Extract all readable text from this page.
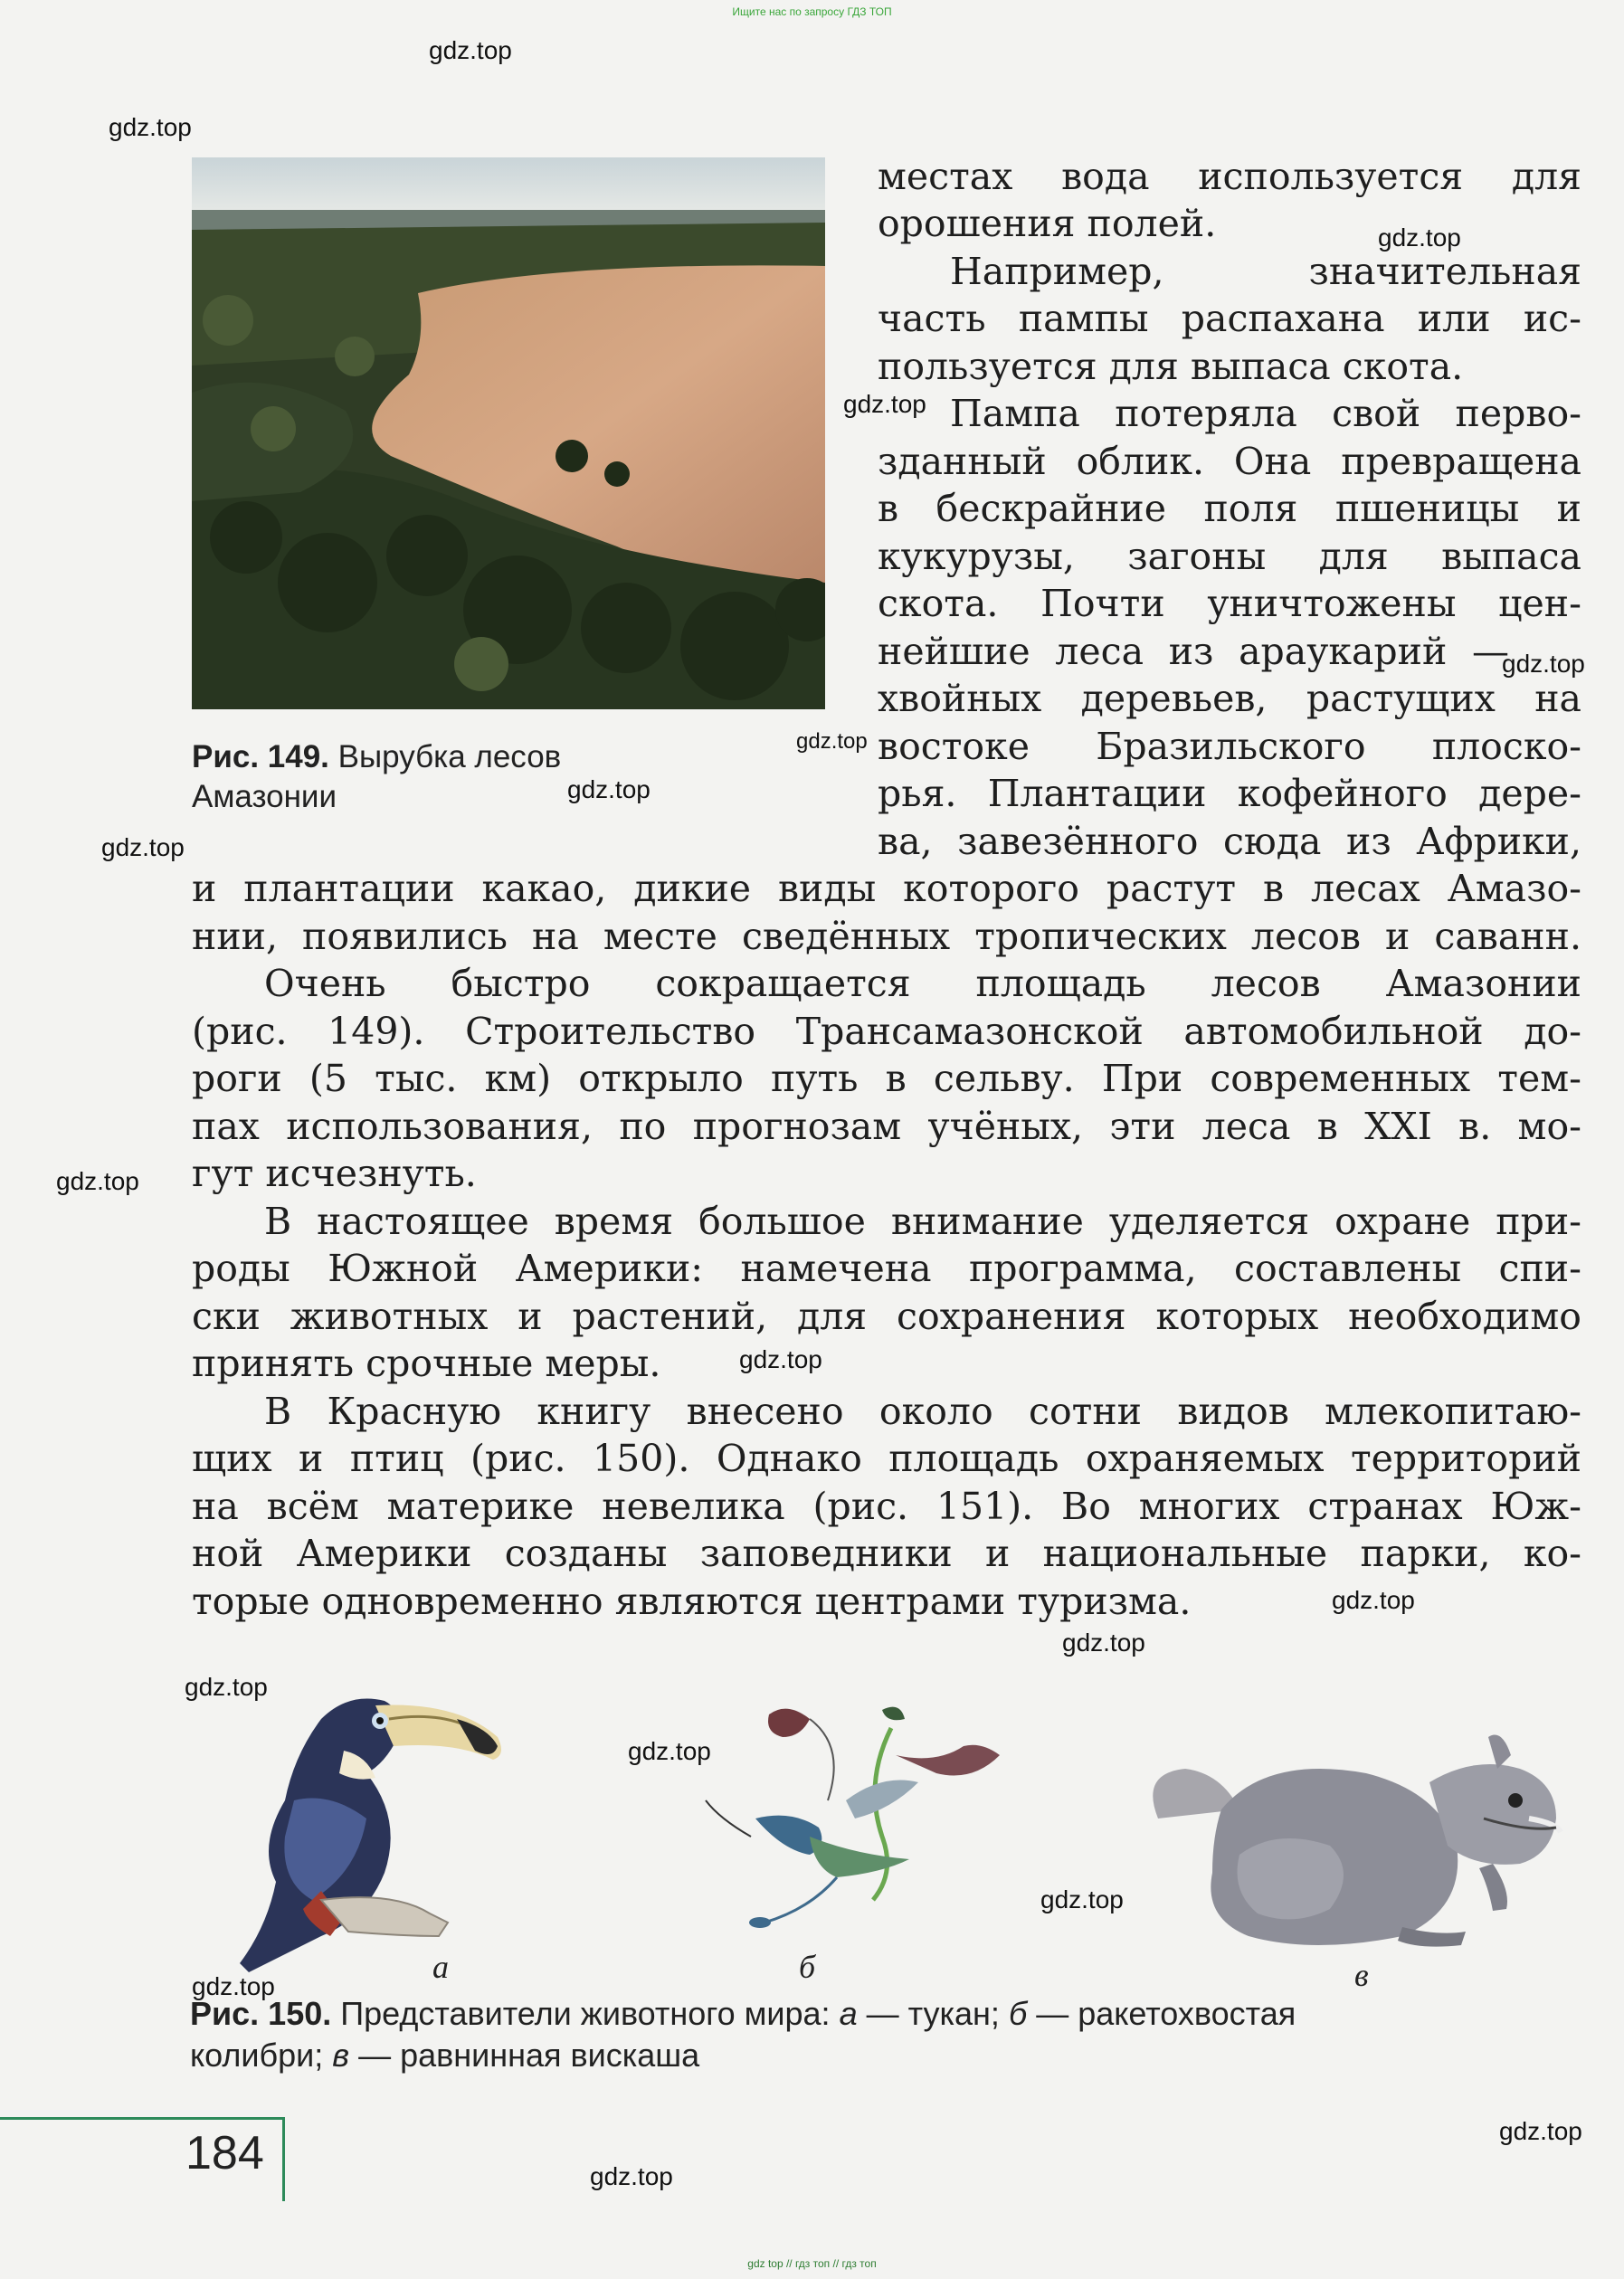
Ищите нас по запросу ГДЗ ТОП
gdz.top
gdz.top
gdz.top
gdz.top
gdz.top
gdz.top
gdz.top
gdz.top
gdz.top
gdz.top
gdz.top
gdz.top
gdz.top
gdz.top
gdz.top
gdz.top
gdz.top
gdz.top
Рис. 149. Вырубка лесов
Амазонии
местах вода используется для
орошения полей.
Например, значительная
часть пампы распахана или ис-
пользуется для выпаса скота.
Пампа потеряла свой перво-
зданный облик. Она превращена
в бескрайние поля пшеницы и
кукурузы, загоны для выпаса
скота. Почти уничтожены цен-
нейшие леса из араукарий —
хвойных деревьев, растущих на
востоке Бразильского плоско-
рья. Плантации кофейного дере-
ва, завезённого сюда из Африки,
и плантации какао, дикие виды которого растут в лесах Амазо-
нии, появились на месте сведённых тропических лесов и саванн.
Очень быстро сокращается площадь лесов Амазонии
(рис. 149). Строительство Трансамазонской автомобильной до-
роги (5 тыс. км) открыло путь в сельву. При современных тем-
пах использования, по прогнозам учёных, эти леса в XXI в. мо-
гут исчезнуть.
В настоящее время большое внимание уделяется охране при-
роды Южной Америки: намечена программа, составлены спи-
ски животных и растений, для сохранения которых необходимо
принять срочные меры.
В Красную книгу внесено около сотни видов млекопитаю-
щих и птиц (рис. 150). Однако площадь охраняемых территорий
на всём материке невелика (рис. 151). Во многих странах Юж-
ной Америки созданы заповедники и национальные парки, ко-
торые одновременно являются центрами туризма.
а	б	в
Рис. 150. Представители животного мира: а — тукан; б — ракетохвостая
колибри; в — равнинная вискаша
184
gdz top // гдз топ // гдз топ
